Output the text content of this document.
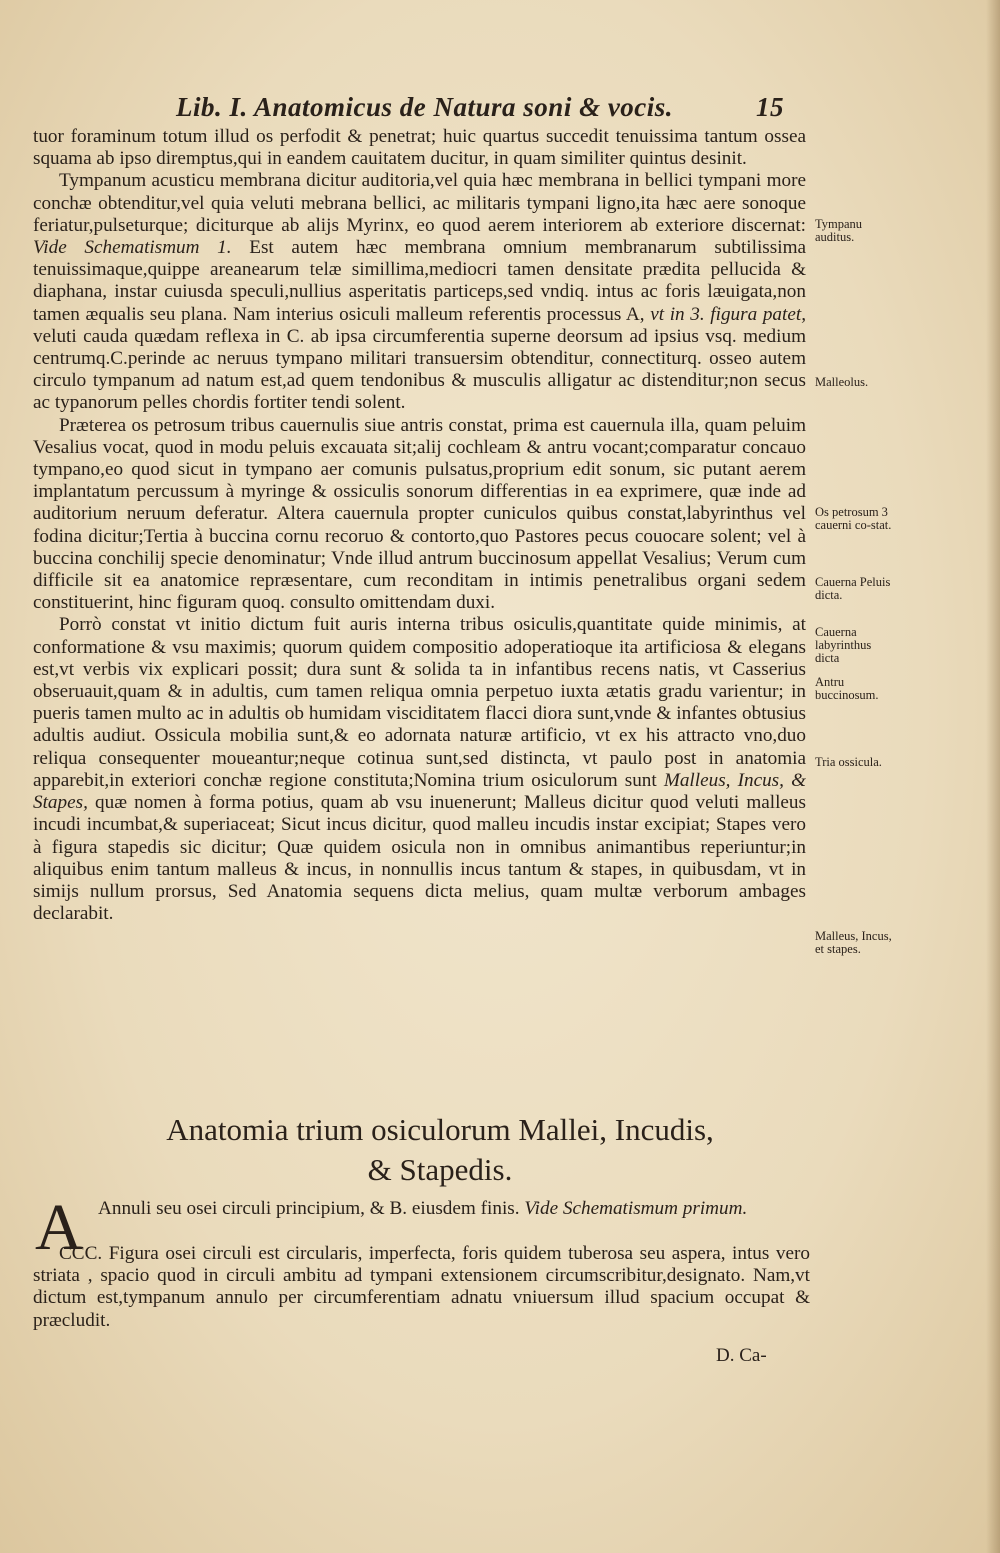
Lib. I. Anatomicus de Natura soni & vocis.	15

tuor foraminum totum illud os perfodit & penetrat; huic quartus succedit tenuissima tantum ossea squama ab ipso diremptus,qui in eandem cauitatem ducitur, in quam similiter quintus desinit.

Tympanum acusticu membrana dicitur auditoria,vel quia hæc membrana in bellici tympani more conchæ obtenditur,vel quia veluti mebrana bellici, ac militaris tympani ligno,ita hæc aere sonoque feriatur,pulseturque; diciturque ab alijs Myrinx, eo quod aerem interiorem ab exteriore discernat: Vide Schematismum 1. Est autem hæc membrana omnium membranarum subtilissima tenuissimaque,quippe areanearum telæ simillima,mediocri tamen densitate prædita pellucida & diaphana, instar cuiusda speculi,nullius asperitatis particeps,sed vndiq. intus ac foris læuigata,non tamen æqualis seu plana. Nam interius osiculi malleum referentis processus A, vt in 3. figura patet, veluti cauda quædam reflexa in C. ab ipsa circumferentia superne deorsum ad ipsius vsq. medium centrumq.C.perinde ac neruus tympano militari transuersim obtenditur, connectiturq. osseo autem circulo tympanum ad natum est,ad quem tendonibus & musculis alligatur ac distenditur;non secus ac typanorum pelles chordis fortiter tendi solent.

Præterea os petrosum tribus cauernulis siue antris constat, prima est cauernula illa, quam peluim Vesalius vocat, quod in modu peluis excauata sit;alij cochleam & antru vocant;comparatur concauo tympano,eo quod sicut in tympano aer comunis pulsatus,proprium edit sonum, sic putant aerem implantatum percussum à myringe & ossiculis sonorum differentias in ea exprimere, quæ inde ad auditorium neruum deferatur. Altera cauernula propter cuniculos quibus constat,labyrinthus vel fodina dicitur;Tertia à buccina cornu recoruo & contorto,quo Pastores pecus couocare solent; vel à buccina conchilij specie denominatur; Vnde illud antrum buccinosum appellat Vesalius; Verum cum difficile sit ea anatomice repræsentare, cum reconditam in intimis penetralibus organi sedem constituerint, hinc figuram quoq. consulto omittendam duxi.

Porrò constat vt initio dictum fuit auris interna tribus osiculis,quantitate quide minimis, at conformatione & vsu maximis; quorum quidem compositio adoperatioque ita artificiosa & elegans est,vt verbis vix explicari possit; dura sunt & solida ta in infantibus recens natis, vt Casserius obseruauit,quam & in adultis, cum tamen reliqua omnia perpetuo iuxta ætatis gradu varientur; in pueris tamen multo ac in adultis ob humidam visciditatem flacci diora sunt,vnde & infantes obtusius adultis audiut. Ossicula mobilia sunt,& eo adornata naturæ artificio, vt ex his attracto vno,duo reliqua consequenter moueantur;neque cotinua sunt,sed distincta, vt paulo post in anatomia apparebit,in exteriori conchæ regione constituta;Nomina trium osiculorum sunt Malleus, Incus, & Stapes, quæ nomen à forma potius, quam ab vsu inuenerunt; Malleus dicitur quod veluti malleus incudi incumbat,& superiaceat; Sicut incus dicitur, quod malleu incudis instar excipiat; Stapes vero à figura stapedis sic dicitur; Quæ quidem osicula non in omnibus animantibus reperiuntur;in aliquibus enim tantum malleus & incus, in nonnullis incus tantum & stapes, in quibusdam, vt in simijs nullum prorsus, Sed Anatomia sequens dicta melius, quam multæ verborum ambages declarabit.

Tympanu auditus.
Malleolus.
Os petrosum 3 cauerni co-stat.
Cauerna Peluis dicta.
Cauerna labyrinthus dicta
Antru buccinosum.
Tria ossicula.
Malleus, Incus, et stapes.
Anatomia trium osiculorum Mallei, Incudis,
& Stapedis.
A Annuli seu osei circuli principium, & B. eiusdem finis. Vide Schematismum primum.

CCC. Figura osei circuli est circularis, imperfecta, foris quidem tuberosa seu aspera, intus vero striata , spacio quod in circuli ambitu ad tympani extensionem circumscribitur,designato. Nam,vt dictum est,tympanum annulo per circumferentiam adnatu vniuersum illud spacium occupat & præcludit.

D. Ca-
